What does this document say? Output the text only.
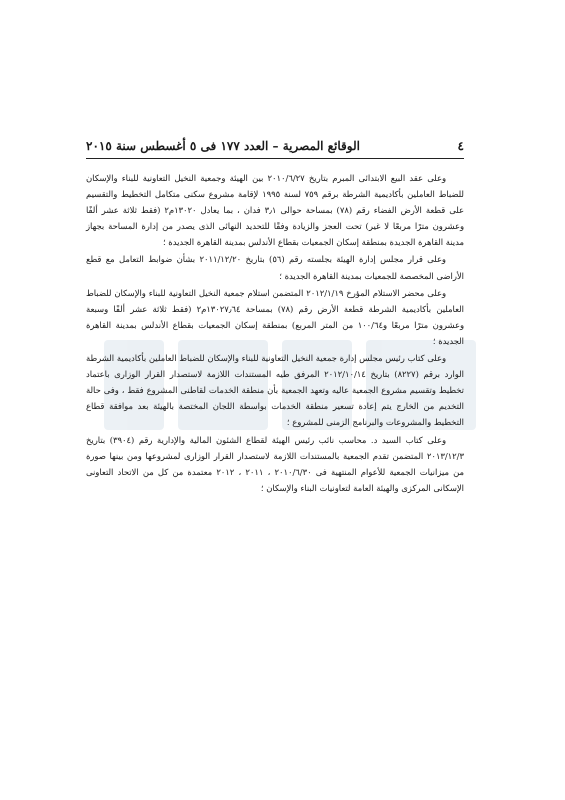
٤
الوقائع المصرية – العدد ١٧٧ فى ٥ أغسطس سنة ٢٠١٥

وعلى عقد البيع الابتدائى المبرم بتاريخ ٢٠١٠/٦/٢٧ بين الهيئة وجمعية النخيل التعاونية للبناء والإسكان للضباط العاملين بأكاديمية الشرطة برقم ٧٥٩ لسنة ١٩٩٥ لإقامة مشروع سكنى متكامل التخطيط والتقسيم على قطعة الأرض الفضاء رقم (٧٨) بمساحة حوالى ٣٫١ فدان ، بما يعادل ١٣٠٢٠م٢ (فقط ثلاثة عشر ألفًا وعشرون مترًا مربعًا لا غير) تحت العجز والزيادة وفقًا للتحديد النهائى الذى يصدر من إدارة المساحة بجهاز مدينة القاهرة الجديدة بمنطقة إسكان الجمعيات بقطاع الأندلس بمدينة القاهرة الجديدة ؛

وعلى قرار مجلس إدارة الهيئة بجلسته رقم (٥٦) بتاريخ ٢٠١١/١٢/٢٠ بشأن ضوابط التعامل مع قطع الأراضى المخصصة للجمعيات بمدينة القاهرة الجديدة ؛

وعلى محضر الاستلام المؤرخ ٢٠١٢/١/١٩ المتضمن استلام جمعية النخيل التعاونية للبناء والإسكان للضباط العاملين بأكاديمية الشرطة قطعة الأرض رقم (٧٨) بمساحة ١٣٠٢٧٫٦٤م٢ (فقط ثلاثة عشر ألفًا وسبعة وعشرون مترًا مربعًا و١٠٠/٦٤ من المتر المربع) بمنطقة إسكان الجمعيات بقطاع الأندلس بمدينة القاهرة الجديدة ؛

وعلى كتاب رئيس مجلس إدارة جمعية النخيل التعاونية للبناء والإسكان للضباط العاملين بأكاديمية الشرطة الوارد برقم (٨٢٢٧) بتاريخ ٢٠١٢/١٠/١٤ المرفق طيه المستندات اللازمة لاستصدار القرار الوزارى باعتماد تخطيط وتقسيم مشروع الجمعية عاليه وتعهد الجمعية بأن منطقة الخدمات لقاطنى المشروع فقط ، وفى حالة التخديم من الخارج يتم إعادة تسعير منطقة الخدمات بواسطة اللجان المختصة بالهيئة بعد موافقة قطاع التخطيط والمشروعات والبرنامج الزمنى للمشروع ؛

وعلى كتاب السيد د. محاسب نائب رئيس الهيئة لقطاع الشئون المالية والإدارية رقم (٣٩٠٤) بتاريخ ٢٠١٣/١٢/٣ المتضمن تقدم الجمعية بالمستندات اللازمة لاستصدار القرار الوزارى لمشروعها ومن بينها صورة من ميزانيات الجمعية للأعوام المنتهية فى ٢٠١٠/٦/٣٠ ، ٢٠١١ ، ٢٠١٢ معتمدة من كل من الاتحاد التعاونى الإسكانى المركزى والهيئة العامة لتعاونيات البناء والإسكان ؛
